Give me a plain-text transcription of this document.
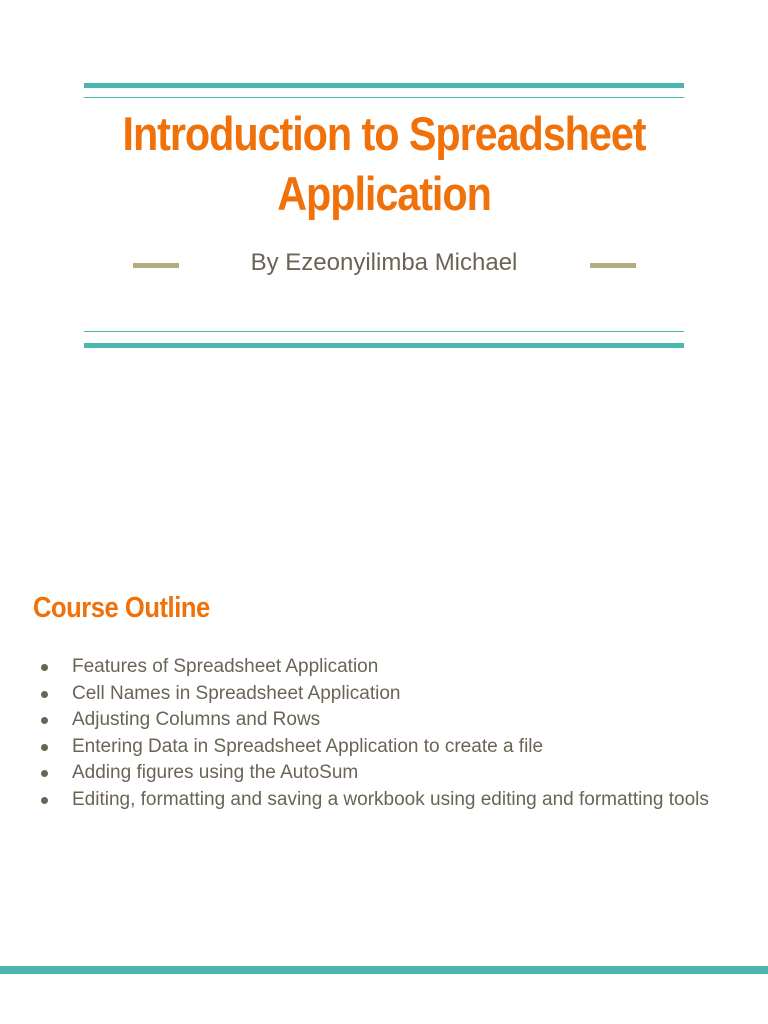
Introduction to Spreadsheet Application
By Ezeonyilimba Michael
Course Outline
Features of Spreadsheet Application
Cell Names in Spreadsheet Application
Adjusting Columns and Rows
Entering Data in Spreadsheet Application to create a file
Adding figures using the AutoSum
Editing, formatting and saving a workbook using editing and formatting tools
